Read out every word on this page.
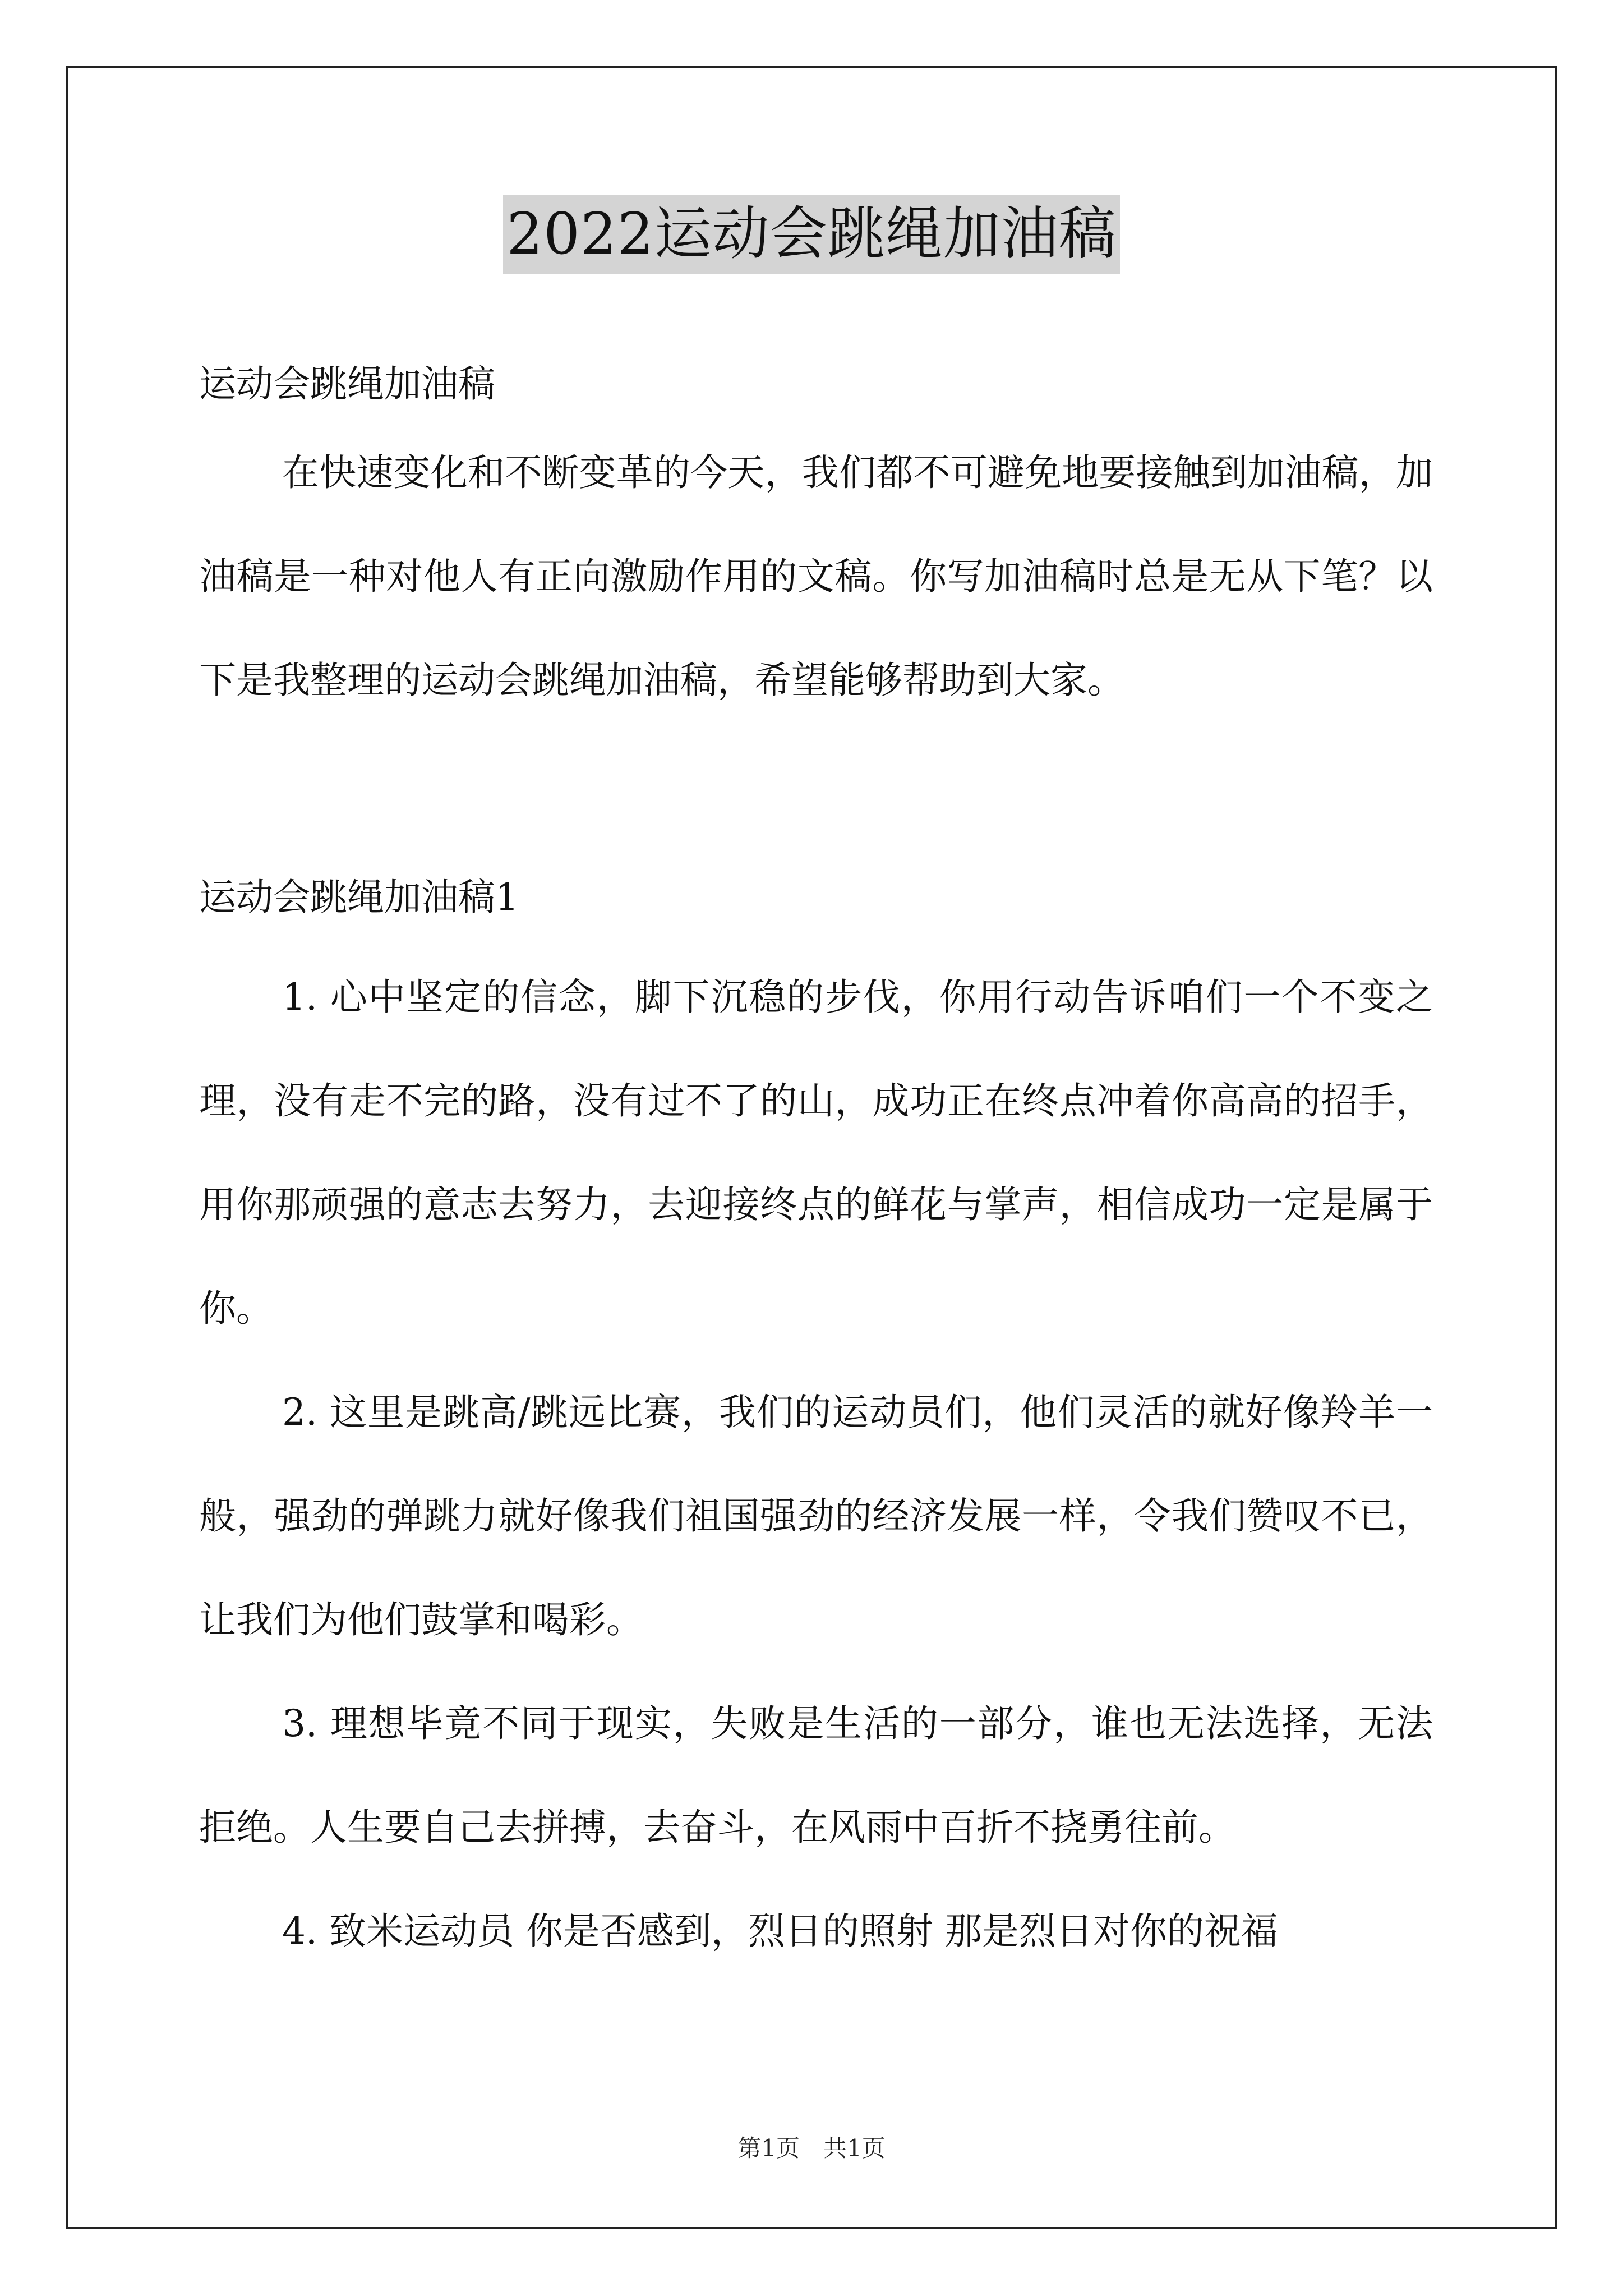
2022运动会跳绳加油稿

运动会跳绳加油稿

在快速变化和不断变革的今天，我们都不可避免地要接触到加油稿，加油稿是一种对他人有正向激励作用的文稿。你写加油稿时总是无从下笔？以下是我整理的运动会跳绳加油稿，希望能够帮助到大家。

运动会跳绳加油稿1

1. 心中坚定的信念，脚下沉稳的步伐，你用行动告诉咱们一个不变之理，没有走不完的路，没有过不了的山，成功正在终点冲着你高高的招手，用你那顽强的意志去努力，去迎接终点的鲜花与掌声，相信成功一定是属于你。

2. 这里是跳高/跳远比赛，我们的运动员们，他们灵活的就好像羚羊一般，强劲的弹跳力就好像我们祖国强劲的经济发展一样，令我们赞叹不已，让我们为他们鼓掌和喝彩。

3. 理想毕竟不同于现实，失败是生活的一部分，谁也无法选择，无法拒绝。人生要自己去拼搏，去奋斗，在风雨中百折不挠勇往前。

4. 致米运动员 你是否感到，烈日的照射 那是烈日对你的祝福

第1页　共1页
